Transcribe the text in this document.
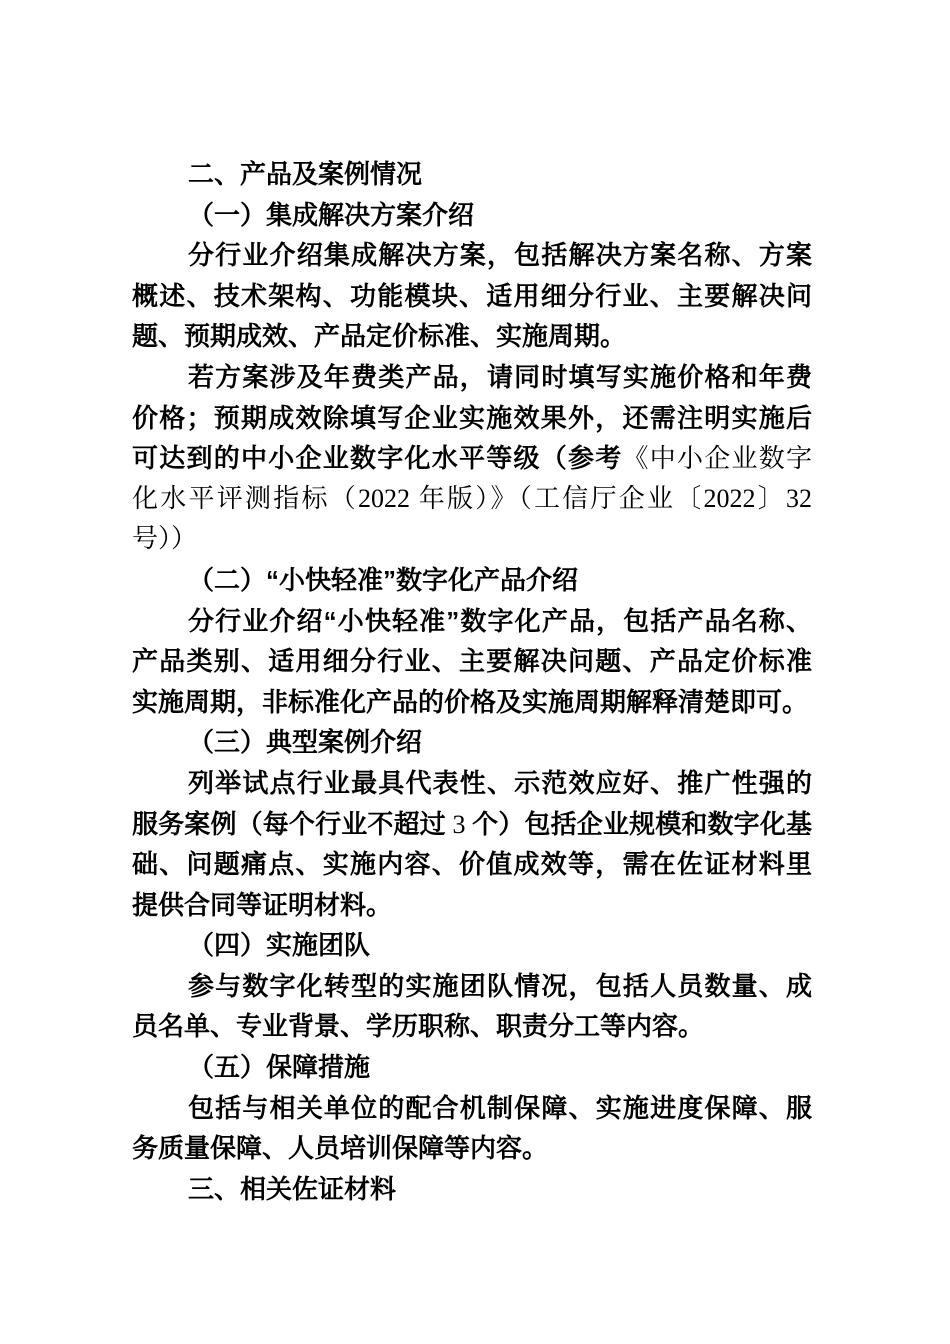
二、产品及案例情况
（一）集成解决方案介绍
分行业介绍集成解决方案，包括解决方案名称、方案
概述、技术架构、功能模块、适用细分行业、主要解决问
题、预期成效、产品定价标准、实施周期。
若方案涉及年费类产品，请同时填写实施价格和年费
价格；预期成效除填写企业实施效果外，还需注明实施后
可达到的中小企业数字化水平等级（参考《中小企业数字
化水平评测指标（2022 年版）》（工信厅企业〔2022〕32
号））
（二）“小快轻准”数字化产品介绍
分行业介绍“小快轻准”数字化产品，包括产品名称、
产品类别、适用细分行业、主要解决问题、产品定价标准
实施周期，非标准化产品的价格及实施周期解释清楚即可。
（三）典型案例介绍
列举试点行业最具代表性、示范效应好、推广性强的
服务案例（每个行业不超过 3 个）包括企业规模和数字化基
础、问题痛点、实施内容、价值成效等，需在佐证材料里
提供合同等证明材料。
（四）实施团队
参与数字化转型的实施团队情况，包括人员数量、成
员名单、专业背景、学历职称、职责分工等内容。
（五）保障措施
包括与相关单位的配合机制保障、实施进度保障、服
务质量保障、人员培训保障等内容。
三、相关佐证材料
